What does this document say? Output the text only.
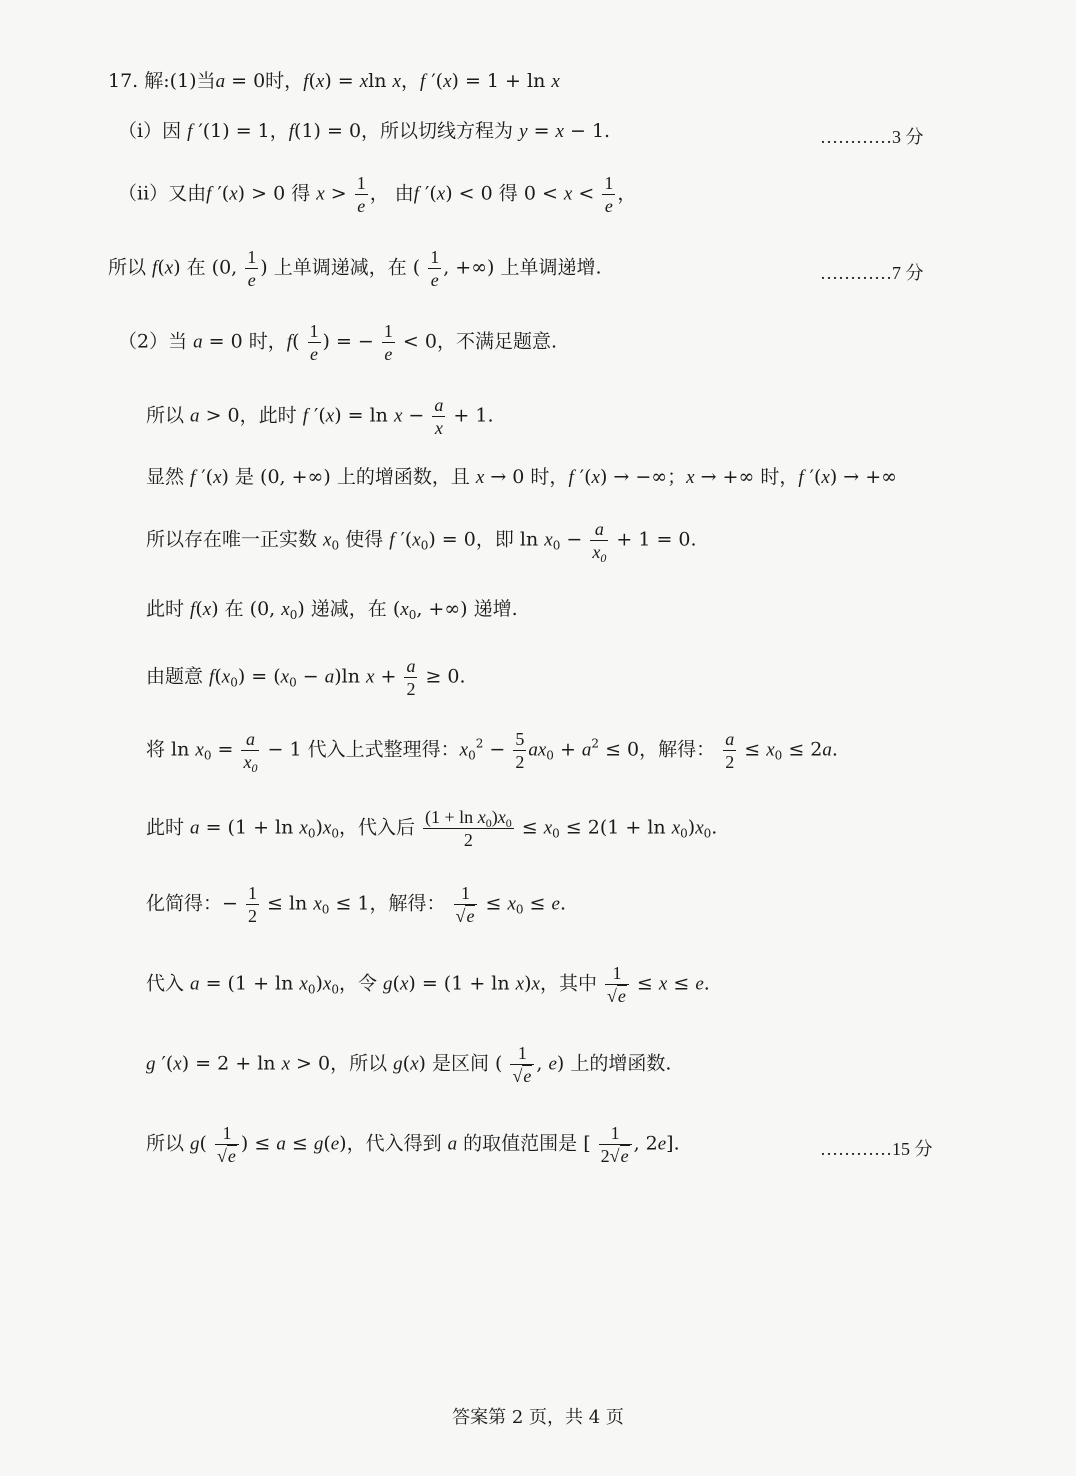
17. 解:(1)当a = 0时，f(x) = xln x，f ′(x) = 1 + ln x
（i）因 f ′(1) = 1，f(1) = 0，所以切线方程为 y = x − 1.	…………3 分
（ii）又由f ′(x) > 0 得 $x > \frac{1}{e}$ ， 由f ′(x) < 0 得 $0 < x < \frac{1}{e}$ ，
所以 f(x) 在 (0, $\frac{1}{e}$ ) 上单调递减，在 ( $\frac{1}{e}$ , +∞) 上单调递增.	…………7 分
（2）当 a = 0 时，$f( \frac{1}{e}$ ) = − $\frac{1}{e} < 0$，不满足题意.
所以 a > 0，此时 f $'(x) = \ln x - \frac{a}{x} + 1$.
显然 f ′(x) 是 (0, +∞) 上的增函数，且 x → 0 时，f ′(x) → −∞；x → +∞ 时，f ′(x) → +∞
所以存在唯一正实数 $x_0$ 使得 f $'(x_0) = 0$，即 $\ln x_0 - \frac{a}{x_0} + 1 = 0$.
此时 f(x) 在 (0, $x_0$) 递减，在 ($x_0$, +∞) 递增.
由题意 $f(x_0) = (x_0 - a)\ln$ $x + \frac{a}{2} \ge 0$.
将 $\ln x_0 = \frac{a}{x_0} - 1$ 代入上式整理得：$x_0^2 - \frac{5}{2} ax_0 + a^2 \le 0$，解得： $\frac{a}{2} \le x_0 \le 2a$.
此时 $a = (1 + \ln x_0)x_0$，代入后 $\frac{(1 + \ln x_0)x_0}{2} \le x_0 \le 2(1 + \ln x_0)x_0$.
化简得：− $\frac{1}{2} \le \ln x_0 \le 1$，解得： $\frac{1}{√e} \le x_0 \le e$.
代入 $a = (1 + \ln x_0)x_0$，令 g(x) = (1 + ln x)x，其中 $\frac{1}{√e} \le x \le e$.
g ′(x) = 2 + ln x > 0，所以 g(x) 是区间 ( $\frac{1}{√e}$ , e) 上的增函数.
所以 $g( \frac{1}{√e}$ ) ≤ a ≤ g(e)，代入得到 a 的取值范围是 [ $\frac{1}{2√e}$ , 2e].	…………15 分
答案第 2 页，共 4 页
